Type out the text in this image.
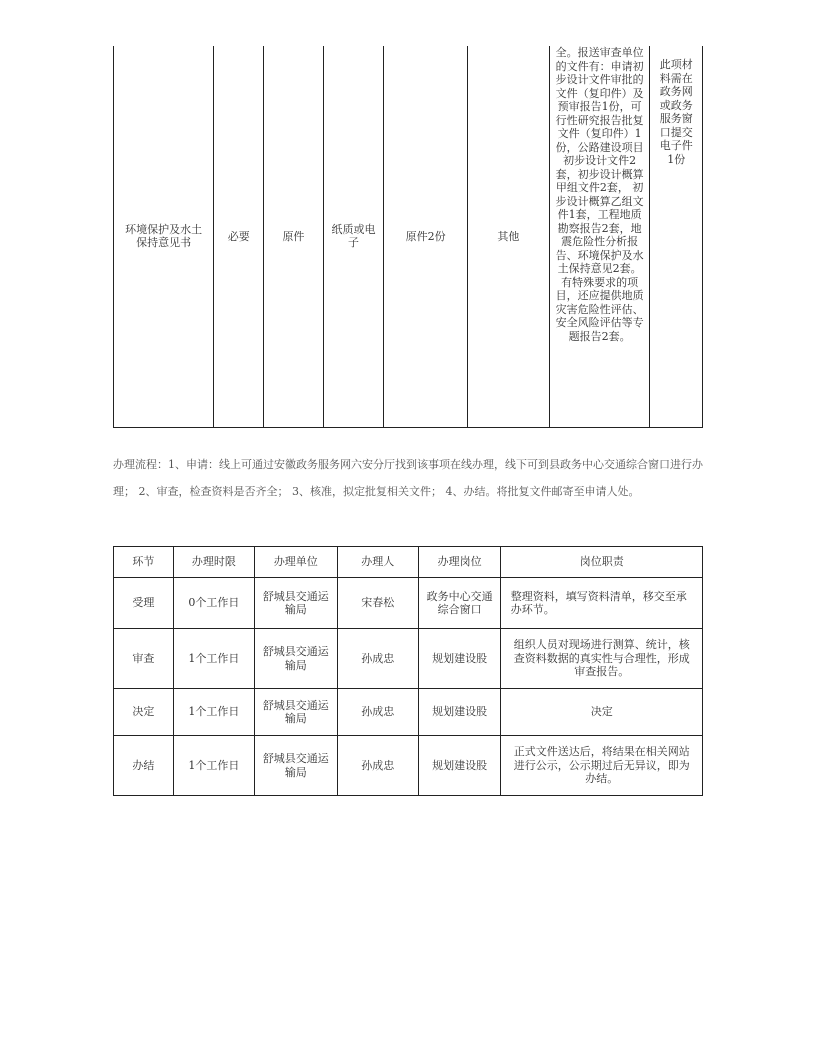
环境保护及水土保持意见书	必要	原件	纸质或电子	原件2份	其他	全。报送审查单位的文件有：申请初步设计文件审批的文件（复印件）及预审报告1份，可行性研究报告批复文件（复印件）1份，公路建设项目初步设计文件2套，初步设计概算甲组文件2套， 初步设计概算乙组文件1套，工程地质勘察报告2套，地震危险性分析报告、环境保护及水土保持意见2套。有特殊要求的项目，还应提供地质灾害危险性评估、安全风险评估等专题报告2套。	此项材料需在政务网或政务服务窗口提交电子件1份
办理流程：1、申请：线上可通过安徽政务服务网六安分厅找到该事项在线办理，线下可到县政务中心交通综合窗口进行办理； 2、审查，检查资料是否齐全； 3、核准，拟定批复相关文件； 4、办结。将批复文件邮寄至申请人处。
环节	办理时限	办理单位	办理人	办理岗位	岗位职责
受理	0个工作日	舒城县交通运输局	宋春松	政务中心交通综合窗口	整理资料，填写资料清单，移交至承办环节。
审查	1个工作日	舒城县交通运输局	孙成忠	规划建设股	组织人员对现场进行测算、统计，核查资料数据的真实性与合理性，形成审查报告。
决定	1个工作日	舒城县交通运输局	孙成忠	规划建设股	决定
办结	1个工作日	舒城县交通运输局	孙成忠	规划建设股	正式文件送达后，将结果在相关网站进行公示，公示期过后无异议，即为办结。
